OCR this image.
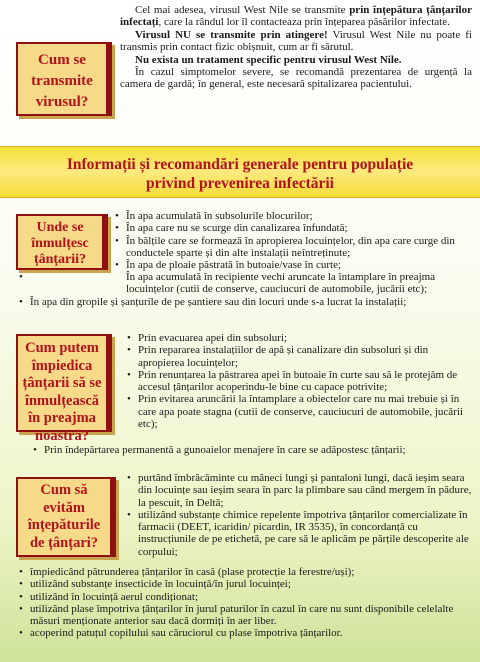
Cum se transmite virusul?

Cel mai adesea, virusul West Nile se transmite prin înțepătura țânțarilor infectați, care la rândul lor îl contacteaza prin înțeparea păsărilor infectate.

Virusul NU se transmite prin atingere! Virusul West Nile nu poate fi transmis prin contact fizic obișnuit, cum ar fi sărutul.

Nu exista un tratament specific pentru virusul West Nile.

În cazul simptomelor severe, se recomandă prezentarea de urgență la camera de gardă; în general, este necesară spitalizarea pacientului.

Informații și recomandări generale pentru populație
privind prevenirea infectării
Unde se înmulțesc țânțarii?
• În apa acumulată în subsolurile blocurilor;
• În apa care nu se scurge din canalizarea înfundată;
• În bălțile care se formează în apropierea locuințelor, din apa care curge din conductele sparte și din alte instalații neîntreținute;
• În apa de ploaie păstrată în butoaie/vase în curte;
• În apa acumulată în recipiente vechi aruncate la întamplare în preajma locuințelor (cutii de conserve, cauciucuri de automobile, jucării etc);
• În apa din gropile și șanțurile de pe șantiere sau din locuri unde s-a lucrat la instalații;
Cum putem împiedica țânțarii să se înmulțească în preajma noastră?
• Prin evacuarea apei din subsoluri;
• Prin repararea instalațiilor de apă și canalizare din subsoluri și din apropierea locuințelor;
• Prin renunțarea la păstrarea apei în butoaie în curte sau să le protejăm de accesul țânțarilor acoperindu-le bine cu capace potrivite;
• Prin evitarea aruncării la întamplare a obiectelor care nu mai trebuie și în care apa poate stagna (cutii de conserve, cauciucuri de automobile, jucării etc);
• Prin îndepărtarea permanentă a gunoaielor menajere în care se adăpostesc țânțarii;
Cum să evităm înțepăturile de țânțari?
• purtând îmbrăcăminte cu mâneci lungi și pantaloni lungi, dacă ieșim seara din locuințe sau ieșim seara în parc la plimbare sau când mergem în pădure, la pescuit, în Deltă;
• utilizând substanțe chimice repelente împotriva țânțarilor comercializate în farmacii (DEET, icaridin/ picardin, IR 3535), în concordanță cu instrucțiunile de pe etichetă, pe care să le aplicăm pe părțile descoperite ale corpului;
• împiedicând pătrunderea țânțarilor în casă (plase protecție la ferestre/uși);
• utilizând substanțe insecticide în locuință/în jurul locuinței;
• utilizând în locuință aerul condiționat;
• utilizând plase împotriva țânțarilor în jurul paturilor în cazul în care nu sunt disponibile celelalte măsuri menționate anterior sau dacă dormiți în aer liber.
• acoperind patuțul copilului sau căruciorul cu plase împotriva țânțarilor.
